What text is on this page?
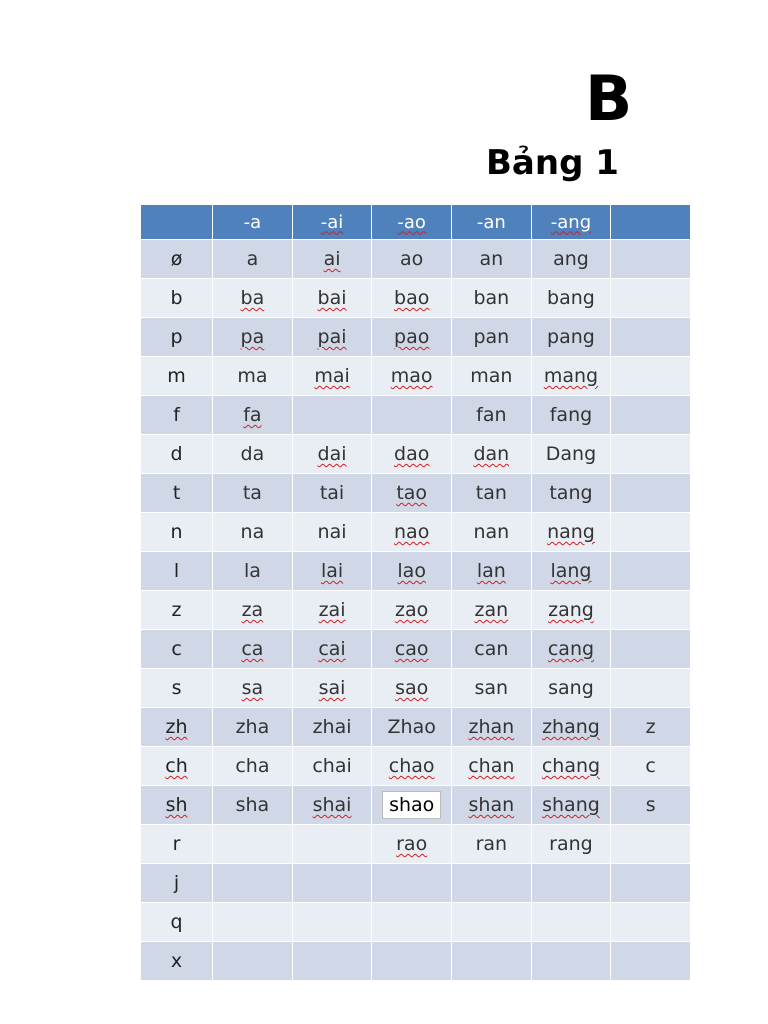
B
Bảng 1
	-a	-ai	-ao	-an	-ang	
ø	a	ai	ao	an	ang	
b	ba	bai	bao	ban	bang	
p	pa	pai	pao	pan	pang	
m	ma	mai	mao	man	mang	
f	fa			fan	fang	
d	da	dai	dao	dan	Dang	
t	ta	tai	tao	tan	tang	
n	na	nai	nao	nan	nang	
l	la	lai	lao	lan	lang	
z	za	zai	zao	zan	zang	
c	ca	cai	cao	can	cang	
s	sa	sai	sao	san	sang	
zh	zha	zhai	Zhao	zhan	zhang	z
ch	cha	chai	chao	chan	chang	c
sh	sha	shai	shao	shan	shang	s
r			rao	ran	rang	
j						
q						
x						
